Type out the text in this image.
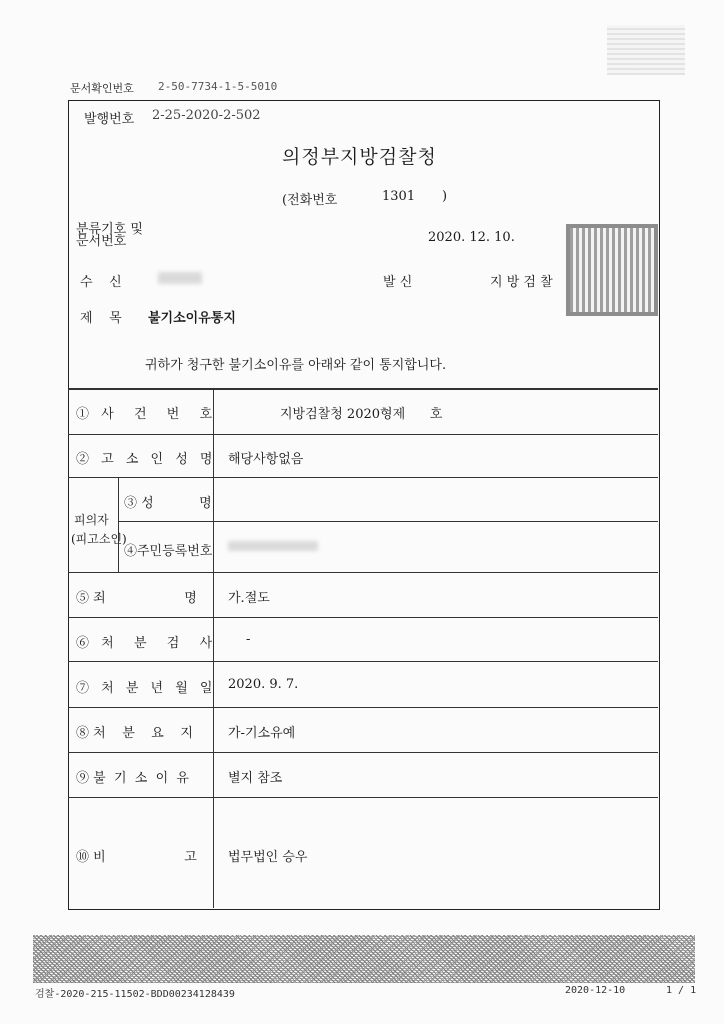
문서확인번호 2-50-7734-1-5-5010
발행번호 2-25-2020-2-502
의정부지방검찰청
(전화번호	1301 )
분류기호 및
문서번호	2020. 12. 10.
수    신	발 신	지 방 검 찰
제    목 불기소이유통지
귀하가 청구한 불기소이유를 아래와 같이 통지합니다.
① 사  건  번  호	지방검찰청 2020형제      호
② 고 소 인 성 명 해당사항없음
피의자
(피고소인)
③ 성           명
④주민등록번호
⑤ 죄                   명 가.절도
⑥ 처  분  검  사 -
⑦ 처 분 년 월 일 2020. 9. 7.
⑧ 처    분    요    지	가-기소유예
⑨ 불  기  소  이  유	별지 참조
⑩ 비                   고 법무법인 승우
검찰-2020-215-11502-BDD00234128439	2020-12-10	1 / 1
